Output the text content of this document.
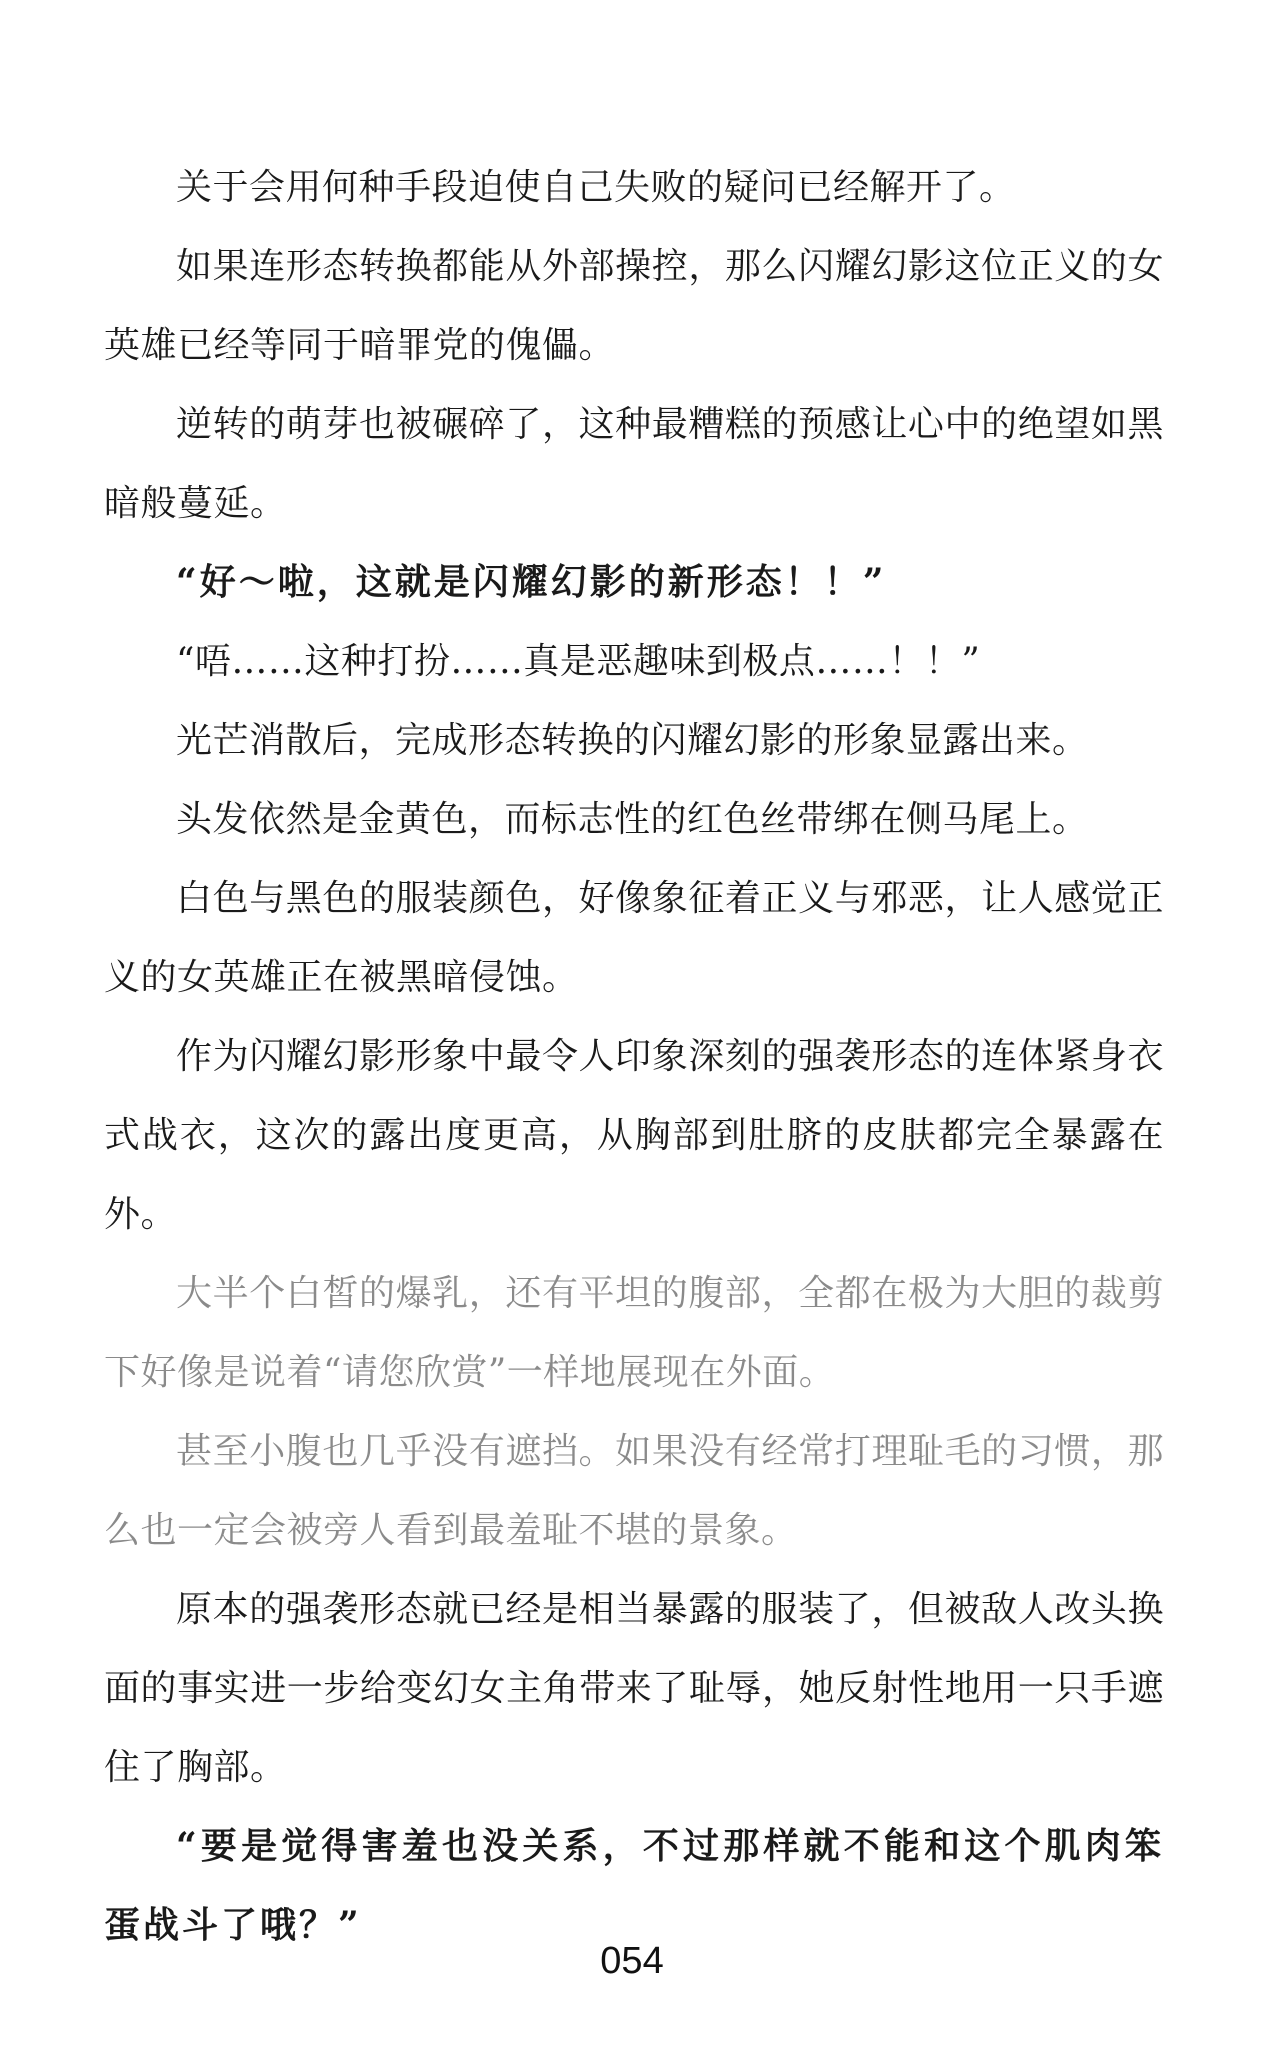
关于会用何种手段迫使自己失败的疑问已经解开了。

如果连形态转换都能从外部操控，那么闪耀幻影这位正义的女英雄已经等同于暗罪党的傀儡。

逆转的萌芽也被碾碎了，这种最糟糕的预感让心中的绝望如黑暗般蔓延。

“好～啦，这就是闪耀幻影的新形态！！”

“唔……这种打扮……真是恶趣味到极点……！！”

光芒消散后，完成形态转换的闪耀幻影的形象显露出来。

头发依然是金黄色，而标志性的红色丝带绑在侧马尾上。

白色与黑色的服装颜色，好像象征着正义与邪恶，让人感觉正义的女英雄正在被黑暗侵蚀。

作为闪耀幻影形象中最令人印象深刻的强袭形态的连体紧身衣式战衣，这次的露出度更高，从胸部到肚脐的皮肤都完全暴露在外。

大半个白皙的爆乳，还有平坦的腹部，全都在极为大胆的裁剪下好像是说着“请您欣赏”一样地展现在外面。

甚至小腹也几乎没有遮挡。如果没有经常打理耻毛的习惯，那么也一定会被旁人看到最羞耻不堪的景象。

原本的强袭形态就已经是相当暴露的服装了，但被敌人改头换面的事实进一步给变幻女主角带来了耻辱，她反射性地用一只手遮住了胸部。

“要是觉得害羞也没关系，不过那样就不能和这个肌肉笨蛋战斗了哦？”

054
